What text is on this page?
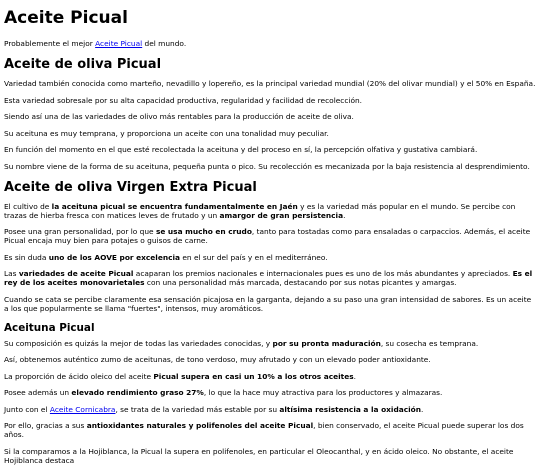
Aceite Picual

Probablemente el mejor Aceite Picual del mundo.

Aceite de oliva Picual

Variedad también conocida como marteño, nevadillo y lopereño, es la principal variedad mundial (20% del olivar mundial) y el 50% en España.

Esta variedad sobresale por su alta capacidad productiva, regularidad y facilidad de recolección.

Siendo así una de las variedades de olivo más rentables para la producción de aceite de oliva.

Su aceituna es muy temprana, y proporciona un aceite con una tonalidad muy peculiar.

En función del momento en el que esté recolectada la aceituna y del proceso en sí, la percepción olfativa y gustativa cambiará.

Su nombre viene de la forma de su aceituna, pequeña punta o pico. Su recolección es mecanizada por la baja resistencia al desprendimiento.

Aceite de oliva Virgen Extra Picual

El cultivo de la aceituna picual se encuentra fundamentalmente en Jaén y es la variedad más popular en el mundo. Se percibe con trazas de hierba fresca con matices leves de frutado y un amargor de gran persistencia.

Posee una gran personalidad, por lo que se usa mucho en crudo, tanto para tostadas como para ensaladas o carpaccios. Además, el aceite Picual encaja muy bien para potajes o guisos de carne.

Es sin duda uno de los AOVE por excelencia en el sur del país y en el mediterráneo.

Las variedades de aceite Picual acaparan los premios nacionales e internacionales pues es uno de los más abundantes y apreciados. Es el rey de los aceites monovarietales con una personalidad más marcada, destacando por sus notas picantes y amargas.

Cuando se cata se percibe claramente esa sensación picajosa en la garganta, dejando a su paso una gran intensidad de sabores. Es un aceite a los que popularmente se llama "fuertes", intensos, muy aromáticos.

Aceituna Picual

Su composición es quizás la mejor de todas las variedades conocidas, y por su pronta maduración, su cosecha es temprana.

Así, obtenemos auténtico zumo de aceitunas, de tono verdoso, muy afrutado y con un elevado poder antioxidante.

La proporción de ácido oleico del aceite Picual supera en casi un 10% a los otros aceites.

Posee además un elevado rendimiento graso 27%, lo que la hace muy atractiva para los productores y almazaras.

Junto con el Aceite Cornicabra, se trata de la variedad más estable por su altísima resistencia a la oxidación.

Por ello, gracias a sus antioxidantes naturales y polifenoles del aceite Picual, bien conservado, el aceite Picual puede superar los dos años.

Si la comparamos a la Hojiblanca, la Picual la supera en polifenoles, en particular el Oleocanthal, y en ácido oleico. No obstante, el aceite Hojiblanca destaca
